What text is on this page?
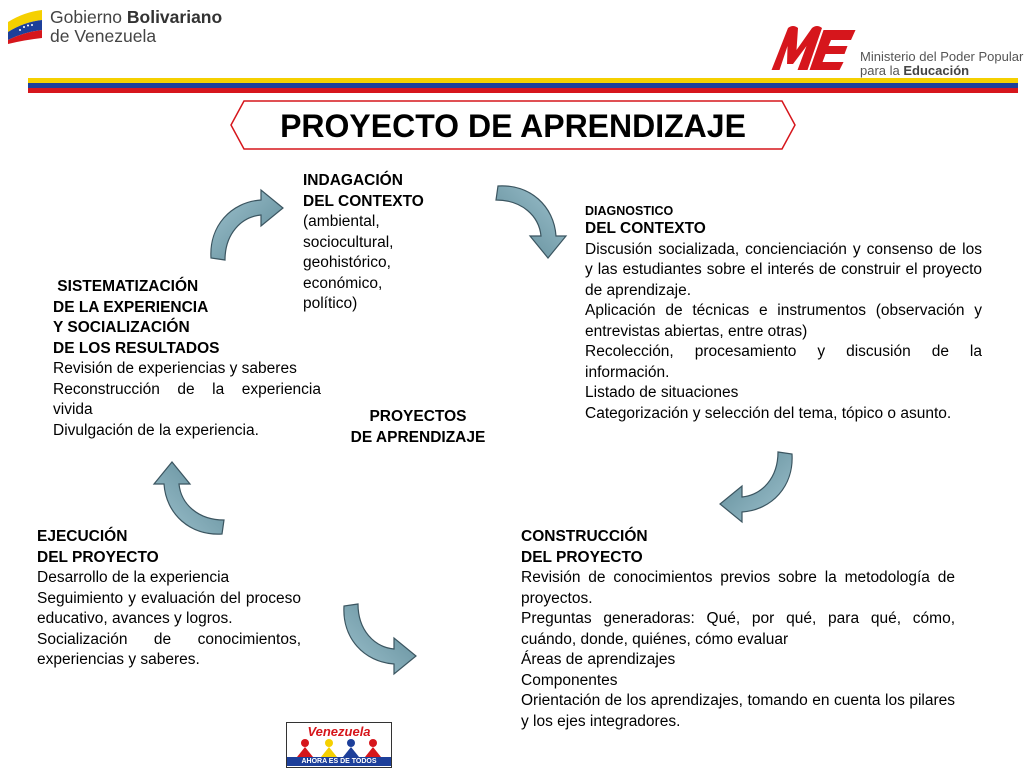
Gobierno Bolivariano
de Venezuela
Ministerio del Poder Popular
para la Educación
PROYECTO DE APRENDIZAJE
INDAGACIÓN
DEL CONTEXTO
(ambiental,
sociocultural,
geohistórico,
económico,
político)
DIAGNOSTICO
DEL CONTEXTO
Discusión socializada, concienciación y consenso de los y las estudiantes sobre el interés de construir el proyecto de aprendizaje.
Aplicación de técnicas e instrumentos (observación y entrevistas abiertas, entre otras)
Recolección, procesamiento y discusión de la información.
Listado de situaciones
Categorización y selección del tema, tópico o asunto.
SISTEMATIZACIÓN
DE LA EXPERIENCIA
Y SOCIALIZACIÓN
DE LOS RESULTADOS
Revisión de experiencias y saberes
Reconstrucción de la experiencia vivida
Divulgación de la experiencia.
PROYECTOS
DE APRENDIZAJE
EJECUCIÓN
DEL PROYECTO
Desarrollo de la experiencia
Seguimiento y evaluación del proceso educativo, avances y logros.
Socialización de conocimientos, experiencias y saberes.
CONSTRUCCIÓN
DEL PROYECTO
Revisión de conocimientos previos sobre la metodología de proyectos.
Preguntas generadoras: Qué, por qué, para qué, cómo, cuándo, donde, quiénes, cómo evaluar
Áreas de aprendizajes
Componentes
Orientación de los aprendizajes, tomando en cuenta los pilares y los ejes integradores.
Venezuela
AHORA ES DE TODOS
